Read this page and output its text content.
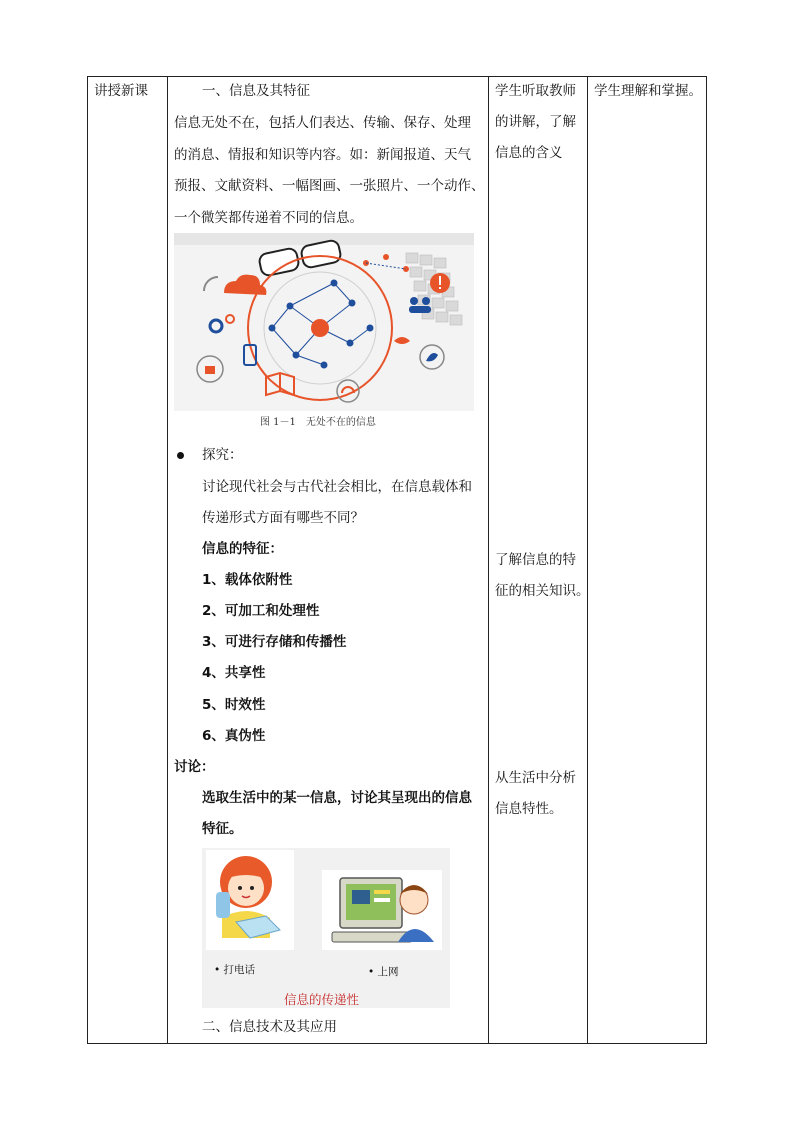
讲授新课	学生理解和掌握。
学生听取教师
的讲解，了解
信息的含义
了解信息的特
征的相关知识。
从生活中分析
信息特性。
一、信息及其特征
信息无处不在，包括人们表达、传输、保存、处理
的消息、情报和知识等内容。如：新闻报道、天气
预报、文献资料、一幅图画、一张照片、一个动作、
一个微笑都传递着不同的信息。
图 1－1　无处不在的信息
探究：
讨论现代社会与古代社会相比，在信息载体和
传递形式方面有哪些不同？
信息的特征：
1、载体依附性
2、可加工和处理性
3、可进行存储和传播性
4、共享性
5、时效性
6、真伪性
讨论：
选取生活中的某一信息，讨论其呈现出的信息
特征。
• 打电话	• 上网
信息的传递性
二、信息技术及其应用
